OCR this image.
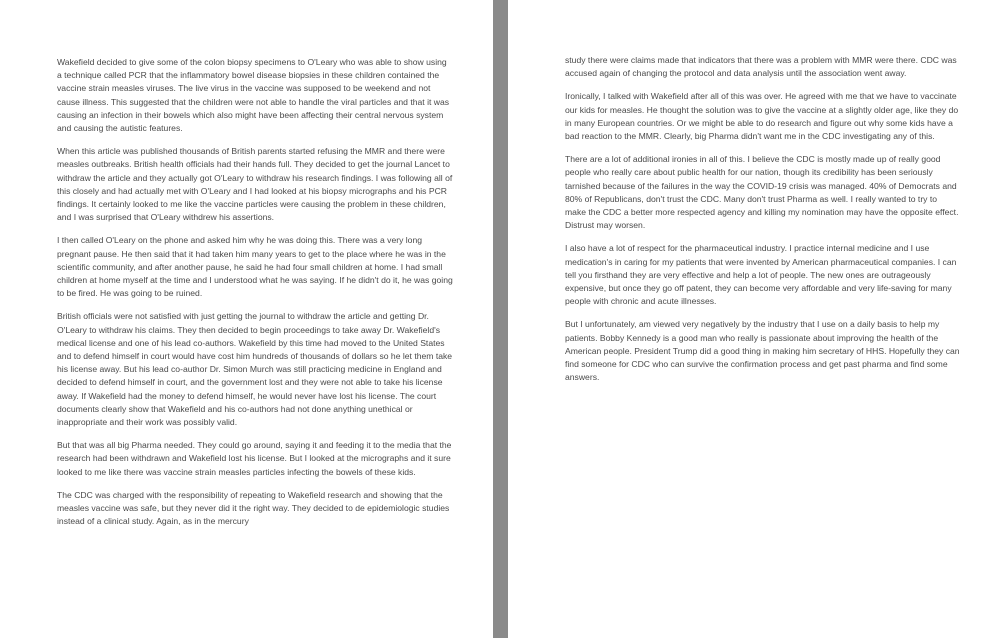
Wakefield decided to give some of the colon biopsy specimens to O'Leary who was able to show using a technique called PCR that the inflammatory bowel disease biopsies in these children contained the vaccine strain measles viruses. The live virus in the vaccine was supposed to be weekend and not cause illness. This suggested that the children were not able to handle the viral particles and that it was causing an infection in their bowels which also might have been affecting their central nervous system and causing the autistic features.

When this article was published thousands of British parents started refusing the MMR and there were measles outbreaks. British health officials had their hands full. They decided to get the journal Lancet to withdraw the article and they actually got O'Leary to withdraw his research findings. I was following all of this closely and had actually met with O'Leary and I had looked at his biopsy micrographs and his PCR findings. It certainly looked to me like the vaccine particles were causing the problem in these children, and I was surprised that O'Leary withdrew his assertions.

I then called O'Leary on the phone and asked him why he was doing this. There was a very long pregnant pause. He then said that it had taken him many years to get to the place where he was in the scientific community, and after another pause, he said he had four small children at home. I had small children at home myself at the time and I understood what he was saying. If he didn't do it, he was going to be fired. He was going to be ruined.

British officials were not satisfied with just getting the journal to withdraw the article and getting Dr. O'Leary to withdraw his claims. They then decided to begin proceedings to take away Dr. Wakefield's medical license and one of his lead co-authors. Wakefield by this time had moved to the United States and to defend himself in court would have cost him hundreds of thousands of dollars so he let them take his license away. But his lead co-author Dr. Simon Murch was still practicing medicine in England and decided to defend himself in court, and the government lost and they were not able to take his license away. If Wakefield had the money to defend himself, he would never have lost his license. The court documents clearly show that Wakefield and his co-authors had not done anything unethical or inappropriate and their work was possibly valid.

But that was all big Pharma needed. They could go around, saying it and feeding it to the media that the research had been withdrawn and Wakefield lost his license. But I looked at the micrographs and it sure looked to me like there was vaccine strain measles particles infecting the bowels of these kids.

The CDC was charged with the responsibility of repeating to Wakefield research and showing that the measles vaccine was safe, but they never did it the right way. They decided to de epidemiologic studies instead of a clinical study. Again, as in the mercury

study there were claims made that indicators that there was a problem with MMR were there. CDC was accused again of changing the protocol and data analysis until the association went away.

Ironically, I talked with Wakefield after all of this was over. He agreed with me that we have to vaccinate our kids for measles. He thought the solution was to give the vaccine at a slightly older age, like they do in many European countries. Or we might be able to do research and figure out why some kids have a bad reaction to the MMR. Clearly, big Pharma didn't want me in the CDC investigating any of this.

There are a lot of additional ironies in all of this. I believe the CDC is mostly made up of really good people who really care about public health for our nation, though its credibility has been seriously tarnished because of the failures in the way the COVID-19 crisis was managed. 40% of Democrats and 80% of Republicans, don't trust the CDC. Many don't trust Pharma as well. I really wanted to try to make the CDC a better more respected agency and killing my nomination may have the opposite effect. Distrust may worsen.

I also have a lot of respect for the pharmaceutical industry. I practice internal medicine and I use medication's in caring for my patients that were invented by American pharmaceutical companies. I can tell you firsthand they are very effective and help a lot of people. The new ones are outrageously expensive, but once they go off patent, they can become very affordable and very life-saving for many people with chronic and acute illnesses.

But I unfortunately, am viewed very negatively by the industry that I use on a daily basis to help my patients. Bobby Kennedy is a good man who really is passionate about improving the health of the American people. President Trump did a good thing in making him secretary of HHS. Hopefully they can find someone for CDC who can survive the confirmation process and get past pharma and find some answers.
